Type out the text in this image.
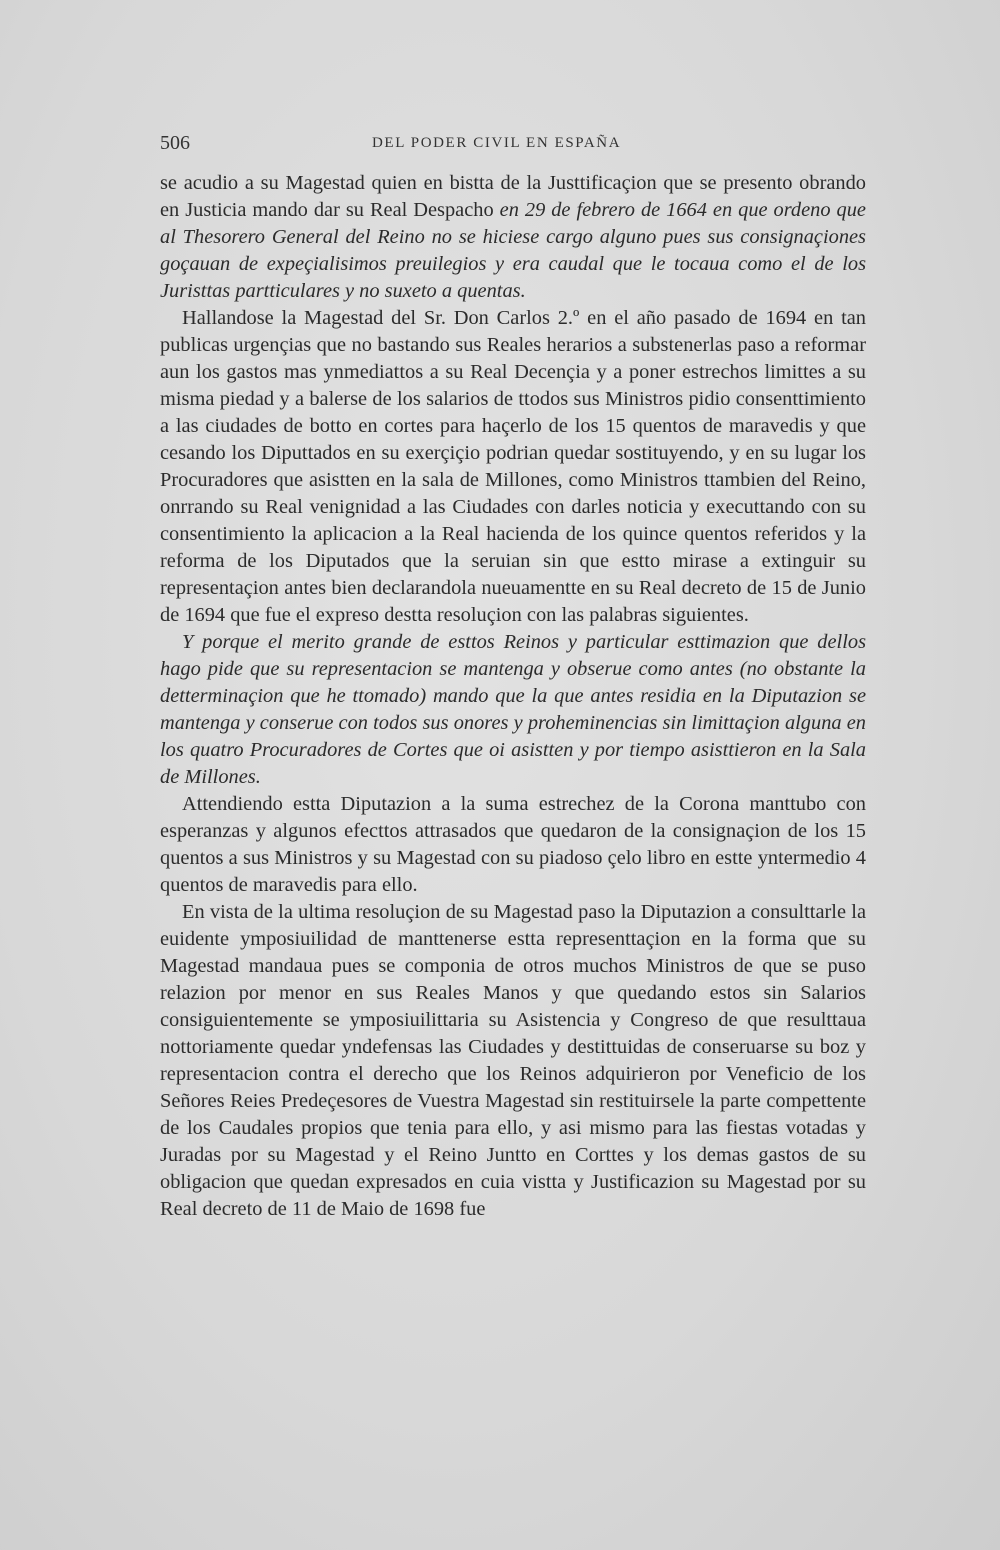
506	DEL PODER CIVIL EN ESPAÑA

se acudio a su Magestad quien en bistta de la Justtificaçion que se presento obrando en Justicia mando dar su Real Despacho en 29 de febrero de 1664 en que ordeno que al Thesorero General del Reino no se hiciese cargo alguno pues sus consignaçiones goçauan de expeçialisimos preuilegios y era caudal que le tocaua como el de los Juristtas partticulares y no suxeto a quentas.

Hallandose la Magestad del Sr. Don Carlos 2.º en el año pasado de 1694 en tan publicas urgençias que no bastando sus Reales herarios a substenerlas paso a reformar aun los gastos mas ynmediattos a su Real Decençia y a poner estrechos limittes a su misma piedad y a balerse de los salarios de ttodos sus Ministros pidio consenttimiento a las ciudades de botto en cortes para haçerlo de los 15 quentos de maravedis y que cesando los Diputtados en su exerçiçio podrian quedar sostituyendo, y en su lugar los Procuradores que asistten en la sala de Millones, como Ministros ttambien del Reino, onrrando su Real venignidad a las Ciudades con darles noticia y executtando con su consentimiento la aplicacion a la Real hacienda de los quince quentos referidos y la reforma de los Diputados que la seruian sin que estto mirase a extinguir su representaçion antes bien declarandola nueuamentte en su Real decreto de 15 de Junio de 1694 que fue el expreso destta resoluçion con las palabras siguientes.

Y porque el merito grande de esttos Reinos y particular esttimazion que dellos hago pide que su representacion se mantenga y obserue como antes (no obstante la detterminaçion que he ttomado) mando que la que antes residia en la Diputazion se mantenga y conserue con todos sus onores y proheminencias sin limittaçion alguna en los quatro Procuradores de Cortes que oi asistten y por tiempo asisttieron en la Sala de Millones.

Attendiendo estta Diputazion a la suma estrechez de la Corona manttubo con esperanzas y algunos efecttos attrasados que quedaron de la consignaçion de los 15 quentos a sus Ministros y su Magestad con su piadoso çelo libro en estte yntermedio 4 quentos de maravedis para ello.

En vista de la ultima resoluçion de su Magestad paso la Diputazion a consulttarle la euidente ymposiuilidad de manttenerse estta representtaçion en la forma que su Magestad mandaua pues se componia de otros muchos Ministros de que se puso relazion por menor en sus Reales Manos y que quedando estos sin Salarios consiguientemente se ymposiuilittaria su Asistencia y Congreso de que resulttaua nottoriamente quedar yndefensas las Ciudades y destittuidas de conseruarse su boz y representacion contra el derecho que los Reinos adquirieron por Veneficio de los Señores Reies Predeçesores de Vuestra Magestad sin restituirsele la parte compettente de los Caudales propios que tenia para ello, y asi mismo para las fiestas votadas y Juradas por su Magestad y el Reino Juntto en Corttes y los demas gastos de su obligacion que quedan expresados en cuia vistta y Justificazion su Magestad por su Real decreto de 11 de Maio de 1698 fue
